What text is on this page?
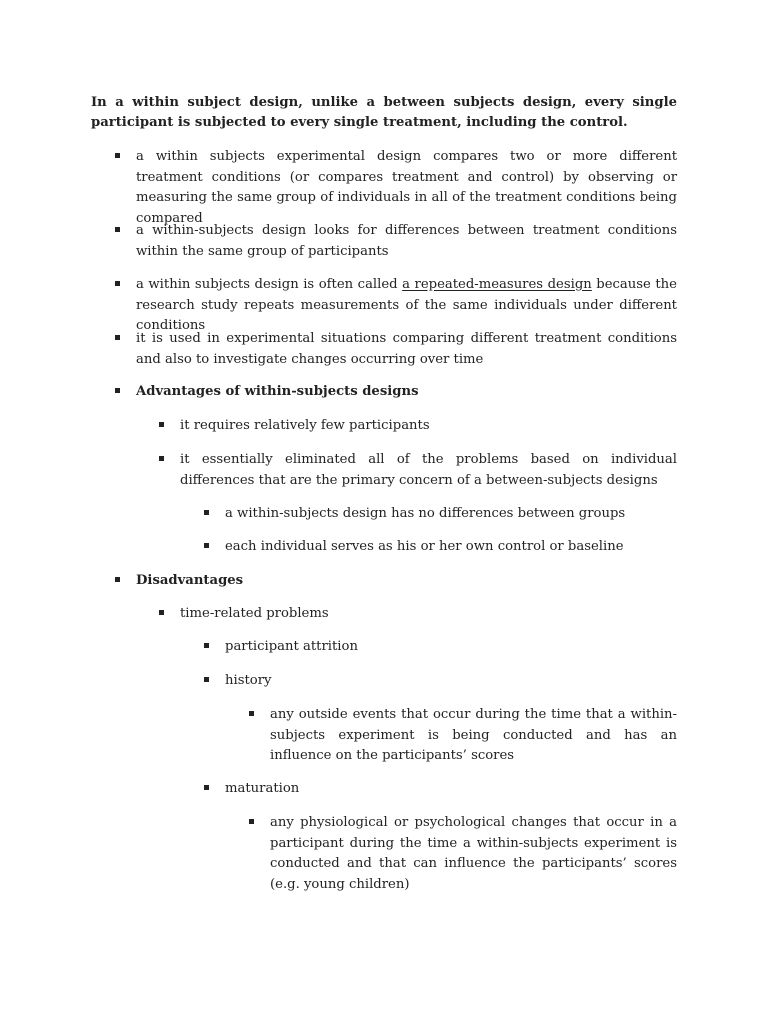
In a within subject design, unlike a between subjects design, every single participant is subjected to every single treatment, including the control.

a within subjects experimental design compares two or more different treatment conditions (or compares treatment and control) by observing or measuring the same group of individuals in all of the treatment conditions being compared
a within-subjects design looks for differences between treatment conditions within the same group of participants
a within subjects design is often called a repeated-measures design because the research study repeats measurements of the same individuals under different conditions
it is used in experimental situations comparing different treatment conditions and also to investigate changes occurring over time
Advantages of within-subjects designs
it requires relatively few participants
it essentially eliminated all of the problems based on individual differences that are the primary concern of a between-subjects designs
a within-subjects design has no differences between groups
each individual serves as his or her own control or baseline
Disadvantages
time-related problems
participant attrition
history
any outside events that occur during the time that a within-subjects experiment is being conducted and has an influence on the participants’ scores
maturation
any physiological or psychological changes that occur in a participant during the time a within-subjects experiment is conducted and that can influence the participants’ scores (e.g. young children)
